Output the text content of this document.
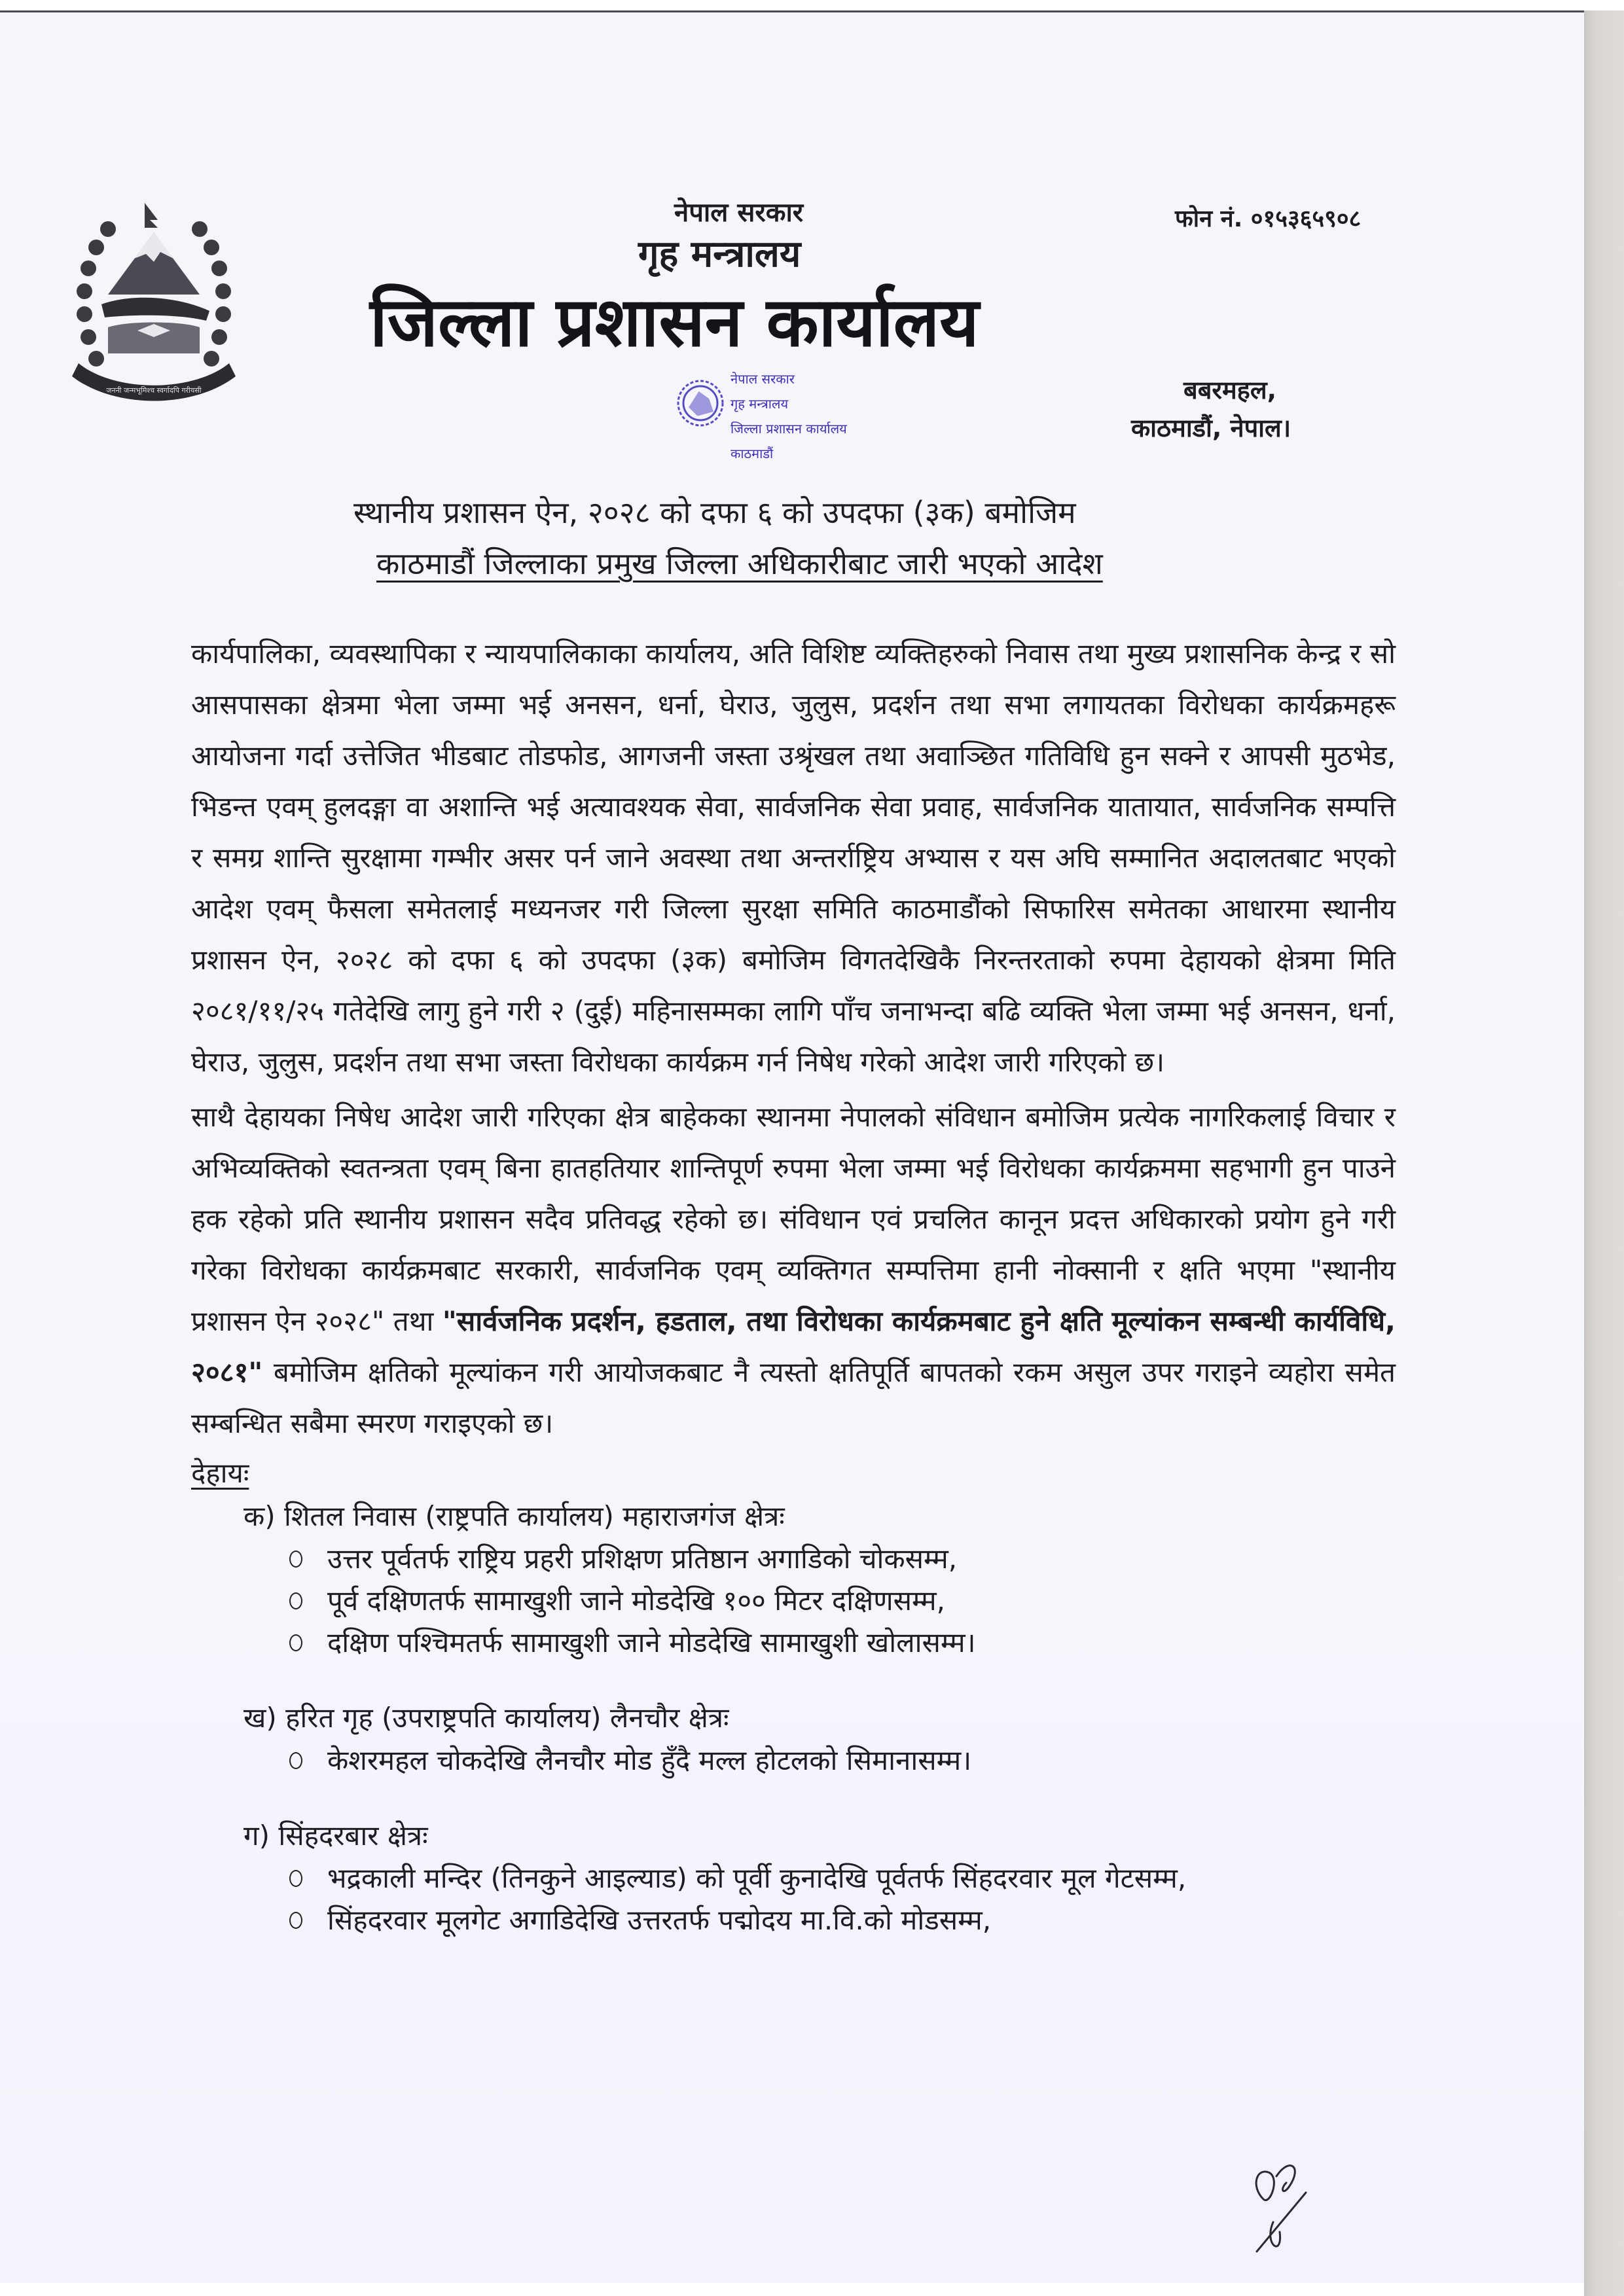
जननी जन्मभूमिश्च स्वर्गादपि गरीयसी
नेपाल सरकार
गृह मन्त्रालय
जिल्ला प्रशासन कार्यालय
फोन नं. ०१५३६५९०८
बबरमहल,
काठमाडौं, नेपाल।
नेपाल सरकार
गृह मन्त्रालय
जिल्ला प्रशासन कार्यालय
काठमाडौं
स्थानीय प्रशासन ऐन, २०२८ को दफा ६ को उपदफा (३क) बमोजिम
काठमाडौं जिल्लाका प्रमुख जिल्ला अधिकारीबाट जारी भएको आदेश

कार्यपालिका, व्यवस्थापिका र न्यायपालिकाका कार्यालय, अति विशिष्ट व्यक्तिहरुको निवास तथा मुख्य प्रशासनिक केन्द्र र सो आसपासका क्षेत्रमा भेला जम्मा भई अनसन, धर्ना, घेराउ, जुलुस, प्रदर्शन तथा सभा लगायतका विरोधका कार्यक्रमहरू आयोजना गर्दा उत्तेजित भीडबाट तोडफोड, आगजनी जस्ता उश्रृंखल तथा अवाञ्छित गतिविधि हुन सक्ने र आपसी मुठभेड, भिडन्त एवम् हुलदङ्गा वा अशान्ति भई अत्यावश्यक सेवा, सार्वजनिक सेवा प्रवाह, सार्वजनिक यातायात, सार्वजनिक सम्पत्ति र समग्र शान्ति सुरक्षामा गम्भीर असर पर्न जाने अवस्था तथा अन्तर्राष्ट्रिय अभ्यास र यस अघि सम्मानित अदालतबाट भएको आदेश एवम् फैसला समेतलाई मध्यनजर गरी जिल्ला सुरक्षा समिति काठमाडौंको सिफारिस समेतका आधारमा स्थानीय प्रशासन ऐन, २०२८ को दफा ६ को उपदफा (३क) बमोजिम विगतदेखिकै निरन्तरताको रुपमा देहायको क्षेत्रमा मिति २०८१/११/२५ गतेदेखि लागु हुने गरी २ (दुई) महिनासम्मका लागि पाँच जनाभन्दा बढि व्यक्ति भेला जम्मा भई अनसन, धर्ना, घेराउ, जुलुस, प्रदर्शन तथा सभा जस्ता विरोधका कार्यक्रम गर्न निषेध गरेको आदेश जारी गरिएको छ।

साथै देहायका निषेध आदेश जारी गरिएका क्षेत्र बाहेकका स्थानमा नेपालको संविधान बमोजिम प्रत्येक नागरिकलाई विचार र अभिव्यक्तिको स्वतन्त्रता एवम् बिना हातहतियार शान्तिपूर्ण रुपमा भेला जम्मा भई विरोधका कार्यक्रममा सहभागी हुन पाउने हक रहेको प्रति स्थानीय प्रशासन सदैव प्रतिवद्ध रहेको छ। संविधान एवं प्रचलित कानून प्रदत्त अधिकारको प्रयोग हुने गरी गरेका विरोधका कार्यक्रमबाट सरकारी, सार्वजनिक एवम् व्यक्तिगत सम्पत्तिमा हानी नोक्सानी र क्षति भएमा "स्थानीय प्रशासन ऐन २०२८" तथा "सार्वजनिक प्रदर्शन, हडताल, तथा विरोधका कार्यक्रमबाट हुने क्षति मूल्यांकन सम्बन्धी कार्यविधि, २०८१" बमोजिम क्षतिको मूल्यांकन गरी आयोजकबाट नै त्यस्तो क्षतिपूर्ति बापतको रकम असुल उपर गराइने व्यहोरा समेत सम्बन्धित सबैमा स्मरण गराइएको छ।

देहायः
क) शितल निवास (राष्ट्रपति कार्यालय) महाराजगंज क्षेत्रः
उत्तर पूर्वतर्फ राष्ट्रिय प्रहरी प्रशिक्षण प्रतिष्ठान अगाडिको चोकसम्म,
पूर्व दक्षिणतर्फ सामाखुशी जाने मोडदेखि १०० मिटर दक्षिणसम्म,
दक्षिण पश्चिमतर्फ सामाखुशी जाने मोडदेखि सामाखुशी खोलासम्म।
ख) हरित गृह (उपराष्ट्रपति कार्यालय) लैनचौर क्षेत्रः
केशरमहल चोकदेखि लैनचौर मोड हुँदै मल्ल होटलको सिमानासम्म।
ग) सिंहदरबार क्षेत्रः
भद्रकाली मन्दिर (तिनकुने आइल्याड) को पूर्वी कुनादेखि पूर्वतर्फ सिंहदरवार मूल गेटसम्म,
सिंहदरवार मूलगेट अगाडिदेखि उत्तरतर्फ पद्मोदय मा.वि.को मोडसम्म,
